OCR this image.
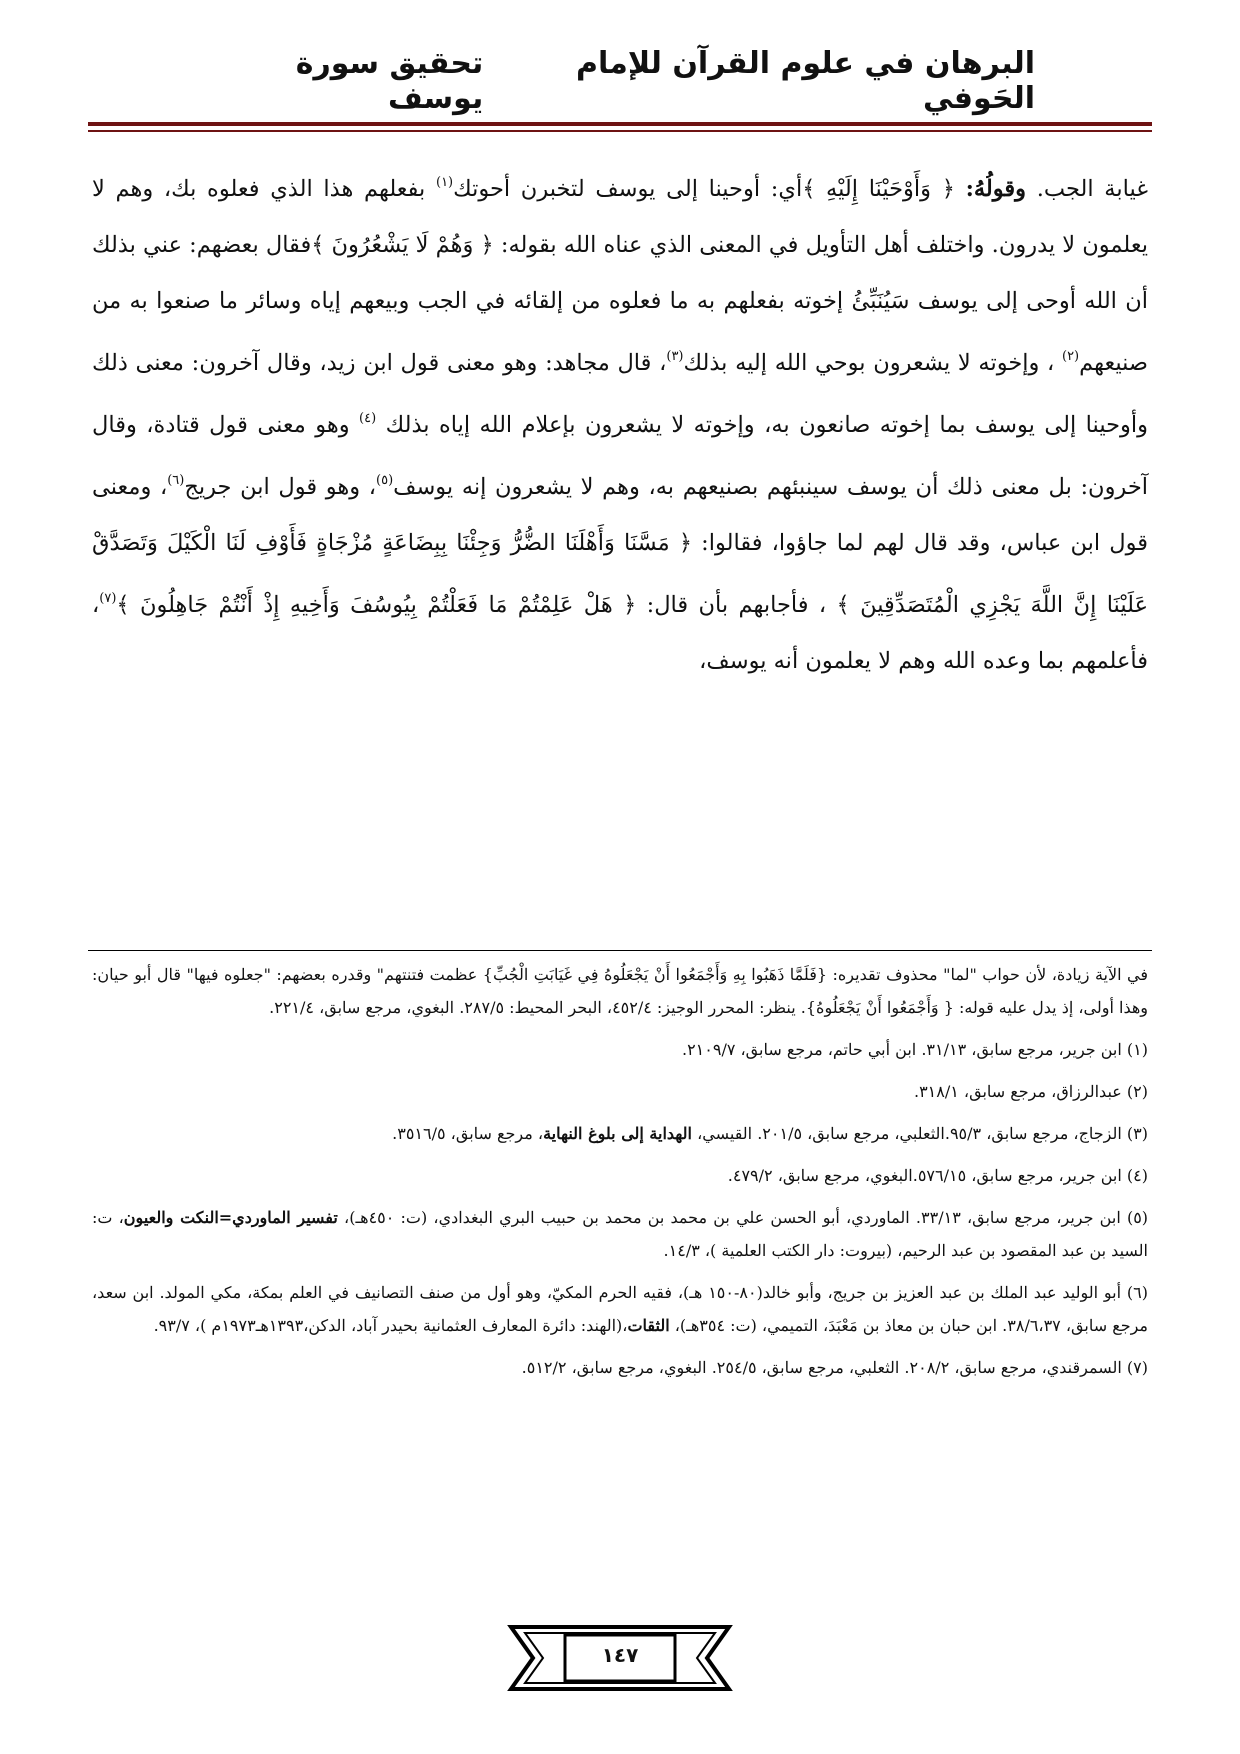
البرهان في علوم القرآن للإمام الحَوفي
تحقيق سورة يوسف

غيابة الجب. وقولُهُ: ﴿ وَأَوْحَيْنَا إِلَيْهِ ﴾أي: أوحينا إلى يوسف لتخبرن أحوتك$^{(١)}$ بفعلهم هذا الذي فعلوه بك، وهم لا يعلمون لا يدرون. واختلف أهل التأويل في المعنى الذي عناه الله بقوله: ﴿ وَهُمْ لَا يَشْعُرُونَ ﴾فقال بعضهم: عني بذلك أن الله أوحى إلى يوسف سَيُنَبِّئُ إخوته بفعلهم به ما فعلوه من إلقائه في الجب وبيعهم إياه وسائر ما صنعوا به من صنيعهم$^{(٢)}$ ، وإخوته لا يشعرون بوحي الله إليه بذلك$^{(٣)}$، قال مجاهد: وهو معنى قول ابن زيد، وقال آخرون: معنى ذلك وأوحينا إلى يوسف بما إخوته صانعون به، وإخوته لا يشعرون بإعلام الله إياه بذلك $^{(٤)}$ وهو معنى قول قتادة، وقال آخرون: بل معنى ذلك أن يوسف سينبئهم بصنيعهم به، وهم لا يشعرون إنه يوسف$^{(٥)}$، وهو قول ابن جريج$^{(٦)}$، ومعنى قول ابن عباس، وقد قال لهم لما جاؤوا، فقالوا: ﴿ مَسَّنَا وَأَهْلَنَا الضُّرُّ وَجِئْنَا بِبِضَاعَةٍ مُزْجَاةٍ فَأَوْفِ لَنَا الْكَيْلَ وَتَصَدَّقْ عَلَيْنَا إِنَّ اللَّهَ يَجْزِي الْمُتَصَدِّقِينَ ﴾ ، فأجابهم بأن قال: ﴿ هَلْ عَلِمْتُمْ مَا فَعَلْتُمْ بِيُوسُفَ وَأَخِيهِ إِذْ أَنْتُمْ جَاهِلُونَ ﴾$^{(٧)}$، فأعلمهم بما وعده الله وهم لا يعلمون أنه يوسف،

في الآية زيادة، لأن حواب "لما" محذوف تقديره: {فَلَمَّا ذَهَبُوا بِهِ وَأَجْمَعُوا أَنْ يَجْعَلُوهُ فِي غَيَابَتِ الْجُبِّ} عظمت فتنتهم" وقدره بعضهم: "جعلوه فيها" قال أبو حيان: وهذا أولى، إذ يدل عليه قوله: { وَأَجْمَعُوا أَنْ يَجْعَلُوهُ}. ينظر: المحرر الوجيز: ٤٥٢/٤، البحر المحيط: ٢٨٧/٥. البغوي، مرجع سابق، ٢٢١/٤.

(١) ابن جرير، مرجع سابق، ٣١/١٣. ابن أبي حاتم، مرجع سابق، ٢١٠٩/٧.

(٢) عبدالرزاق، مرجع سابق، ٣١٨/١.

(٣) الزجاج، مرجع سابق، ٩٥/٣.الثعلبي، مرجع سابق، ٢٠١/٥. القيسي، الهداية إلى بلوغ النهاية، مرجع سابق، ٣٥١٦/٥.

(٤) ابن جرير، مرجع سابق، ٥٧٦/١٥.البغوي، مرجع سابق، ٤٧٩/٢.

(٥) ابن جرير، مرجع سابق، ٣٣/١٣. الماوردي، أبو الحسن علي بن محمد بن محمد بن حبيب البري البغدادي، (ت: ٤٥٠هـ)، تفسير الماوردي=النكت والعيون، ت: السيد بن عبد المقصود بن عبد الرحيم، (بيروت: دار الكتب العلمية )، ١٤/٣.

(٦) أبو الوليد عبد الملك بن عبد العزيز بن جريج، وأبو خالد(٨٠-١٥٠ هـ)، فقيه الحرم المكيّ، وهو أول من صنف التصانيف في العلم بمكة، مكي المولد. ابن سعد، مرجع سابق، ٣٨/٦،٣٧. ابن حبان بن معاذ بن مَعْبَدَ، التميمي، (ت: ٣٥٤هـ)، الثقات،(الهند: دائرة المعارف العثمانية بحيدر آباد، الدكن،١٣٩٣هـ١٩٧٣م )، ٩٣/٧.

(٧) السمرقندي، مرجع سابق، ٢٠٨/٢. الثعلبي، مرجع سابق، ٢٥٤/٥. البغوي، مرجع سابق، ٥١٢/٢.

١٤٧
